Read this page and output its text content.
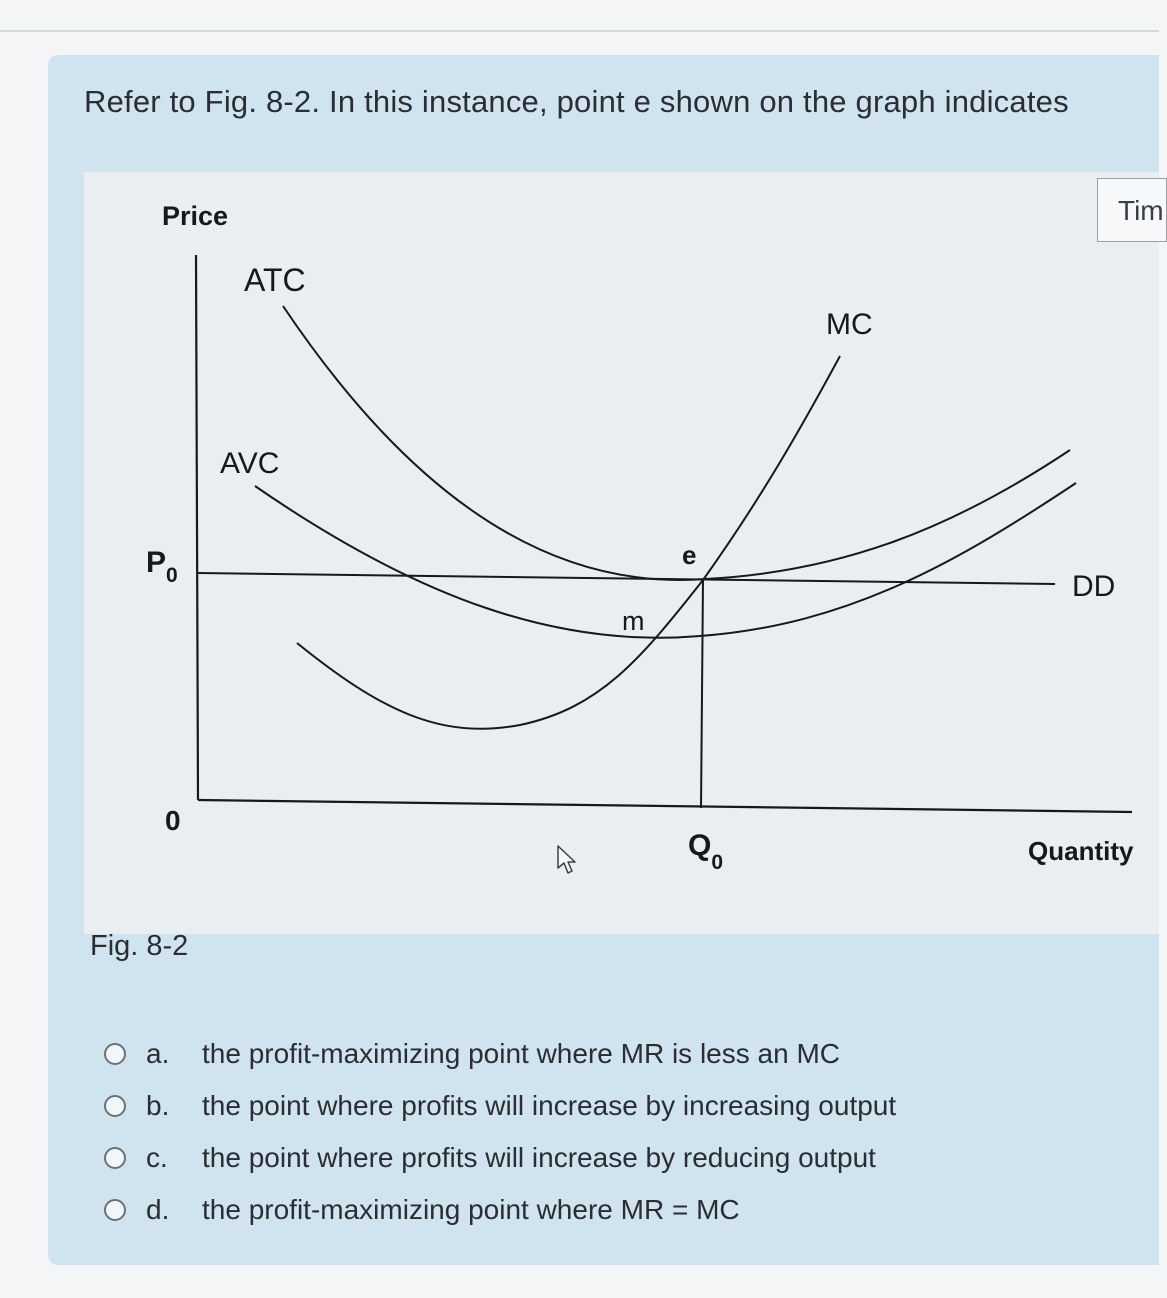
Refer to Fig. 8-2. In this instance, point e shown on the graph indicates
Tim
Price
Quantity
0
$P_0$
$Q_0$
ATC
AVC
MC
DD
e
m
Fig. 8-2
a.	the profit-maximizing point where MR is less an MC
b.	the point where profits will increase by increasing output
c.	the point where profits will increase by reducing output
d.	the profit-maximizing point where MR = MC
